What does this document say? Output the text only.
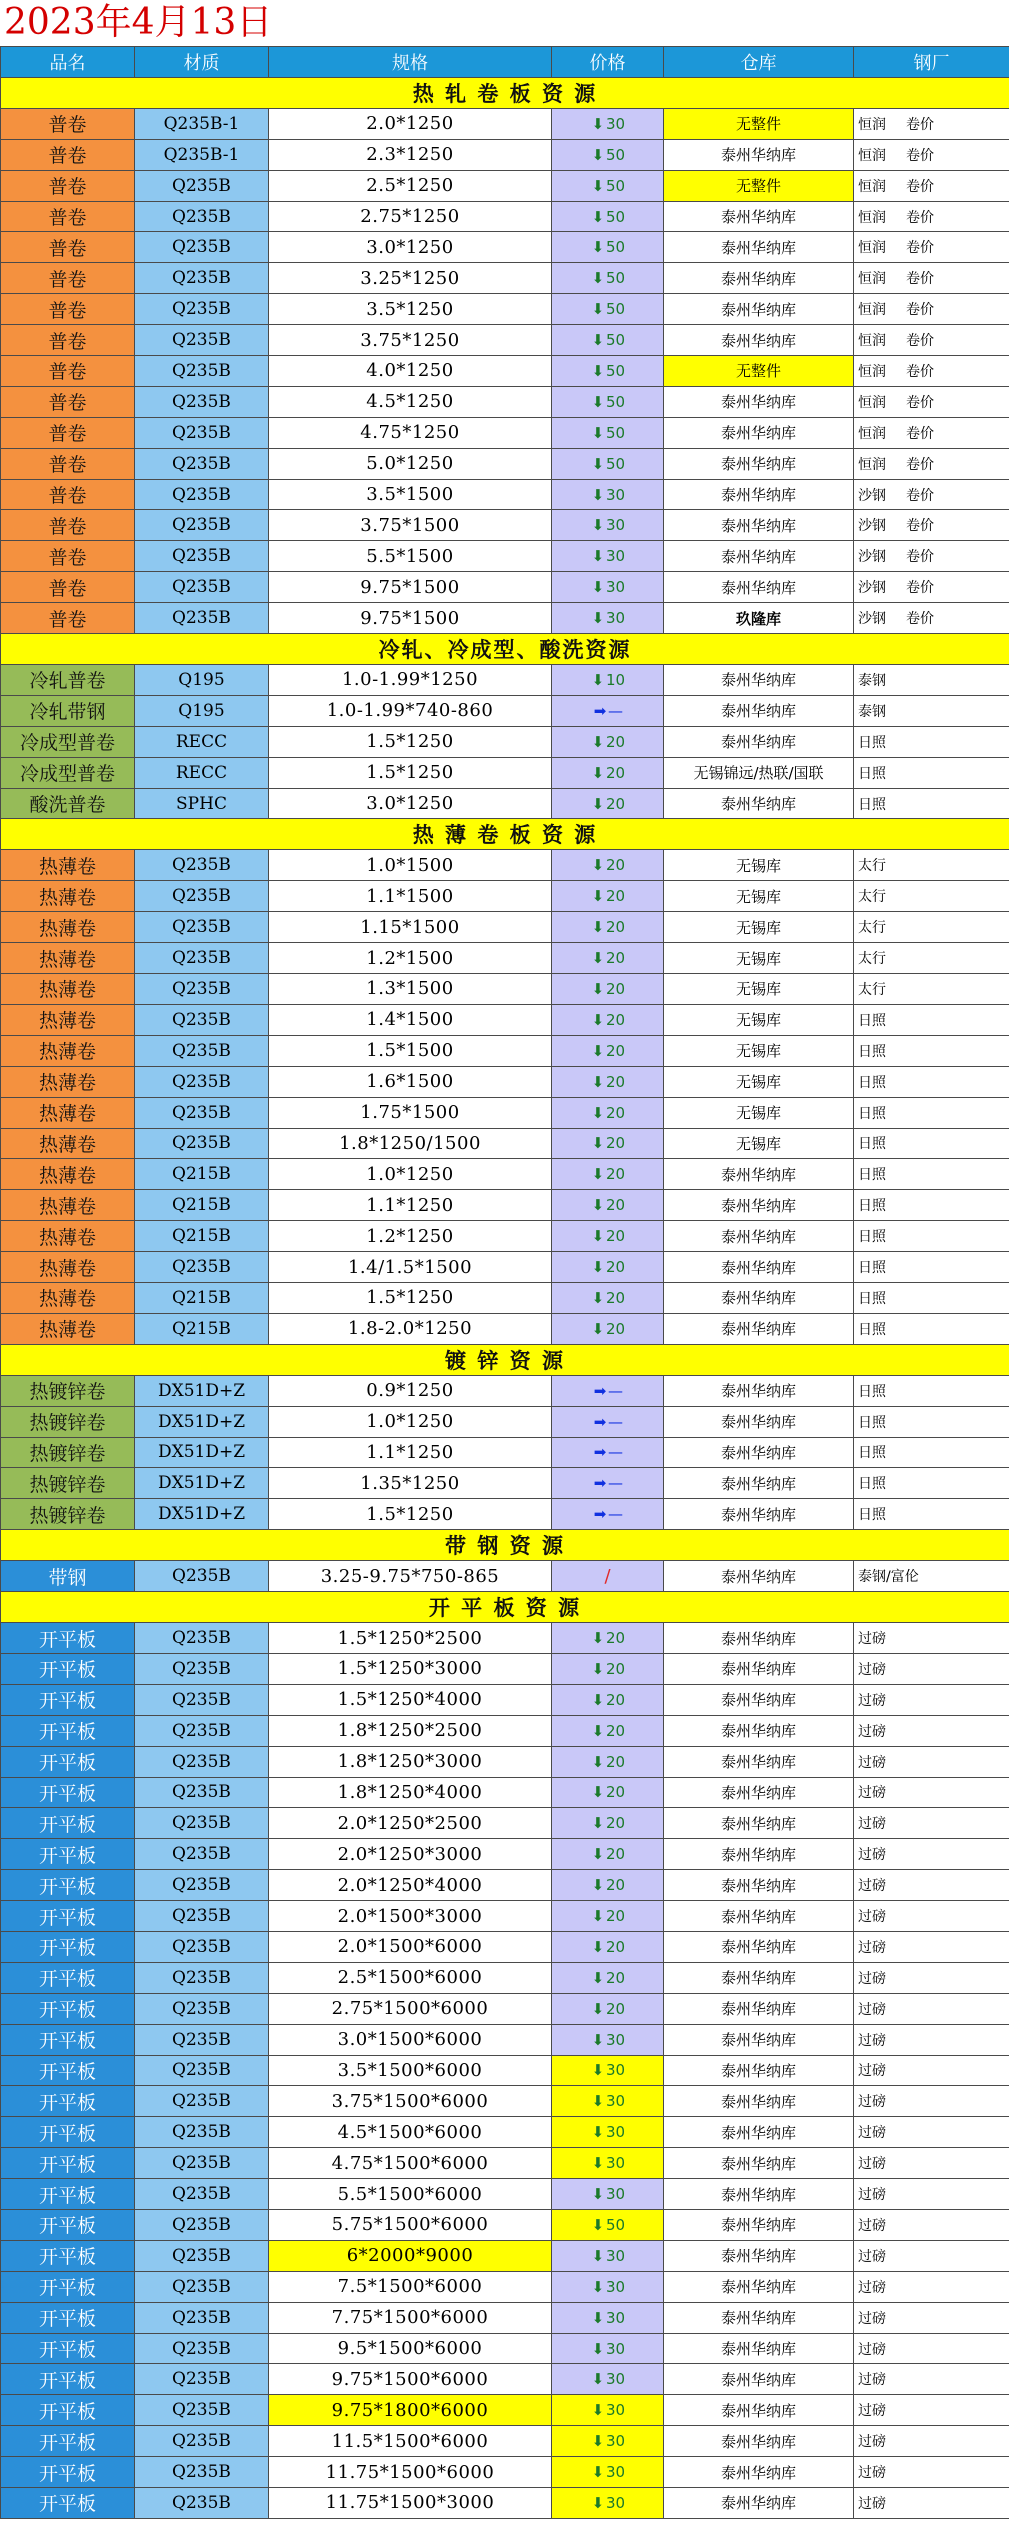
2023年4月13日
品名	材质	规格	价格	仓库	钢厂
热 轧 卷 板 资 源					
普卷	Q235B-1	2.0*1250	⬇ 30	无整件	恒润 卷价
普卷	Q235B-1	2.3*1250	⬇ 50	泰州华纳库	恒润 卷价
普卷	Q235B	2.5*1250	⬇ 50	无整件	恒润 卷价
普卷	Q235B	2.75*1250	⬇ 50	泰州华纳库	恒润 卷价
普卷	Q235B	3.0*1250	⬇ 50	泰州华纳库	恒润 卷价
普卷	Q235B	3.25*1250	⬇ 50	泰州华纳库	恒润 卷价
普卷	Q235B	3.5*1250	⬇ 50	泰州华纳库	恒润 卷价
普卷	Q235B	3.75*1250	⬇ 50	泰州华纳库	恒润 卷价
普卷	Q235B	4.0*1250	⬇ 50	无整件	恒润 卷价
普卷	Q235B	4.5*1250	⬇ 50	泰州华纳库	恒润 卷价
普卷	Q235B	4.75*1250	⬇ 50	泰州华纳库	恒润 卷价
普卷	Q235B	5.0*1250	⬇ 50	泰州华纳库	恒润 卷价
普卷	Q235B	3.5*1500	⬇ 30	泰州华纳库	沙钢 卷价
普卷	Q235B	3.75*1500	⬇ 30	泰州华纳库	沙钢 卷价
普卷	Q235B	5.5*1500	⬇ 30	泰州华纳库	沙钢 卷价
普卷	Q235B	9.75*1500	⬇ 30	泰州华纳库	沙钢 卷价
普卷	Q235B	9.75*1500	⬇ 30	玖隆库	沙钢 卷价
冷轧、冷成型、酸洗资源					
冷轧普卷	Q195	1.0-1.99*1250	⬇ 10	泰州华纳库	泰钢
冷轧带钢	Q195	1.0-1.99*740-860	➡ —	泰州华纳库	泰钢
冷成型普卷	RECC	1.5*1250	⬇ 20	泰州华纳库	日照
冷成型普卷	RECC	1.5*1250	⬇ 20	无锡锦远/热联/国联	日照
酸洗普卷	SPHC	3.0*1250	⬇ 20	泰州华纳库	日照
热 薄 卷 板 资 源					
热薄卷	Q235B	1.0*1500	⬇ 20	无锡库	太行
热薄卷	Q235B	1.1*1500	⬇ 20	无锡库	太行
热薄卷	Q235B	1.15*1500	⬇ 20	无锡库	太行
热薄卷	Q235B	1.2*1500	⬇ 20	无锡库	太行
热薄卷	Q235B	1.3*1500	⬇ 20	无锡库	太行
热薄卷	Q235B	1.4*1500	⬇ 20	无锡库	日照
热薄卷	Q235B	1.5*1500	⬇ 20	无锡库	日照
热薄卷	Q235B	1.6*1500	⬇ 20	无锡库	日照
热薄卷	Q235B	1.75*1500	⬇ 20	无锡库	日照
热薄卷	Q235B	1.8*1250/1500	⬇ 20	无锡库	日照
热薄卷	Q215B	1.0*1250	⬇ 20	泰州华纳库	日照
热薄卷	Q215B	1.1*1250	⬇ 20	泰州华纳库	日照
热薄卷	Q215B	1.2*1250	⬇ 20	泰州华纳库	日照
热薄卷	Q235B	1.4/1.5*1500	⬇ 20	泰州华纳库	日照
热薄卷	Q215B	1.5*1250	⬇ 20	泰州华纳库	日照
热薄卷	Q215B	1.8-2.0*1250	⬇ 20	泰州华纳库	日照
镀 锌 资 源					
热镀锌卷	DX51D+Z	0.9*1250	➡ —	泰州华纳库	日照
热镀锌卷	DX51D+Z	1.0*1250	➡ —	泰州华纳库	日照
热镀锌卷	DX51D+Z	1.1*1250	➡ —	泰州华纳库	日照
热镀锌卷	DX51D+Z	1.35*1250	➡ —	泰州华纳库	日照
热镀锌卷	DX51D+Z	1.5*1250	➡ —	泰州华纳库	日照
带 钢 资 源					
带钢	Q235B	3.25-9.75*750-865	/	泰州华纳库	泰钢/富伦
开 平 板 资 源					
开平板	Q235B	1.5*1250*2500	⬇ 20	泰州华纳库	过磅
开平板	Q235B	1.5*1250*3000	⬇ 20	泰州华纳库	过磅
开平板	Q235B	1.5*1250*4000	⬇ 20	泰州华纳库	过磅
开平板	Q235B	1.8*1250*2500	⬇ 20	泰州华纳库	过磅
开平板	Q235B	1.8*1250*3000	⬇ 20	泰州华纳库	过磅
开平板	Q235B	1.8*1250*4000	⬇ 20	泰州华纳库	过磅
开平板	Q235B	2.0*1250*2500	⬇ 20	泰州华纳库	过磅
开平板	Q235B	2.0*1250*3000	⬇ 20	泰州华纳库	过磅
开平板	Q235B	2.0*1250*4000	⬇ 20	泰州华纳库	过磅
开平板	Q235B	2.0*1500*3000	⬇ 20	泰州华纳库	过磅
开平板	Q235B	2.0*1500*6000	⬇ 20	泰州华纳库	过磅
开平板	Q235B	2.5*1500*6000	⬇ 20	泰州华纳库	过磅
开平板	Q235B	2.75*1500*6000	⬇ 20	泰州华纳库	过磅
开平板	Q235B	3.0*1500*6000	⬇ 30	泰州华纳库	过磅
开平板	Q235B	3.5*1500*6000	⬇ 30	泰州华纳库	过磅
开平板	Q235B	3.75*1500*6000	⬇ 30	泰州华纳库	过磅
开平板	Q235B	4.5*1500*6000	⬇ 30	泰州华纳库	过磅
开平板	Q235B	4.75*1500*6000	⬇ 30	泰州华纳库	过磅
开平板	Q235B	5.5*1500*6000	⬇ 30	泰州华纳库	过磅
开平板	Q235B	5.75*1500*6000	⬇ 50	泰州华纳库	过磅
开平板	Q235B	6*2000*9000	⬇ 30	泰州华纳库	过磅
开平板	Q235B	7.5*1500*6000	⬇ 30	泰州华纳库	过磅
开平板	Q235B	7.75*1500*6000	⬇ 30	泰州华纳库	过磅
开平板	Q235B	9.5*1500*6000	⬇ 30	泰州华纳库	过磅
开平板	Q235B	9.75*1500*6000	⬇ 30	泰州华纳库	过磅
开平板	Q235B	9.75*1800*6000	⬇ 30	泰州华纳库	过磅
开平板	Q235B	11.5*1500*6000	⬇ 30	泰州华纳库	过磅
开平板	Q235B	11.75*1500*6000	⬇ 30	泰州华纳库	过磅
开平板	Q235B	11.75*1500*3000	⬇ 30	泰州华纳库	过磅
